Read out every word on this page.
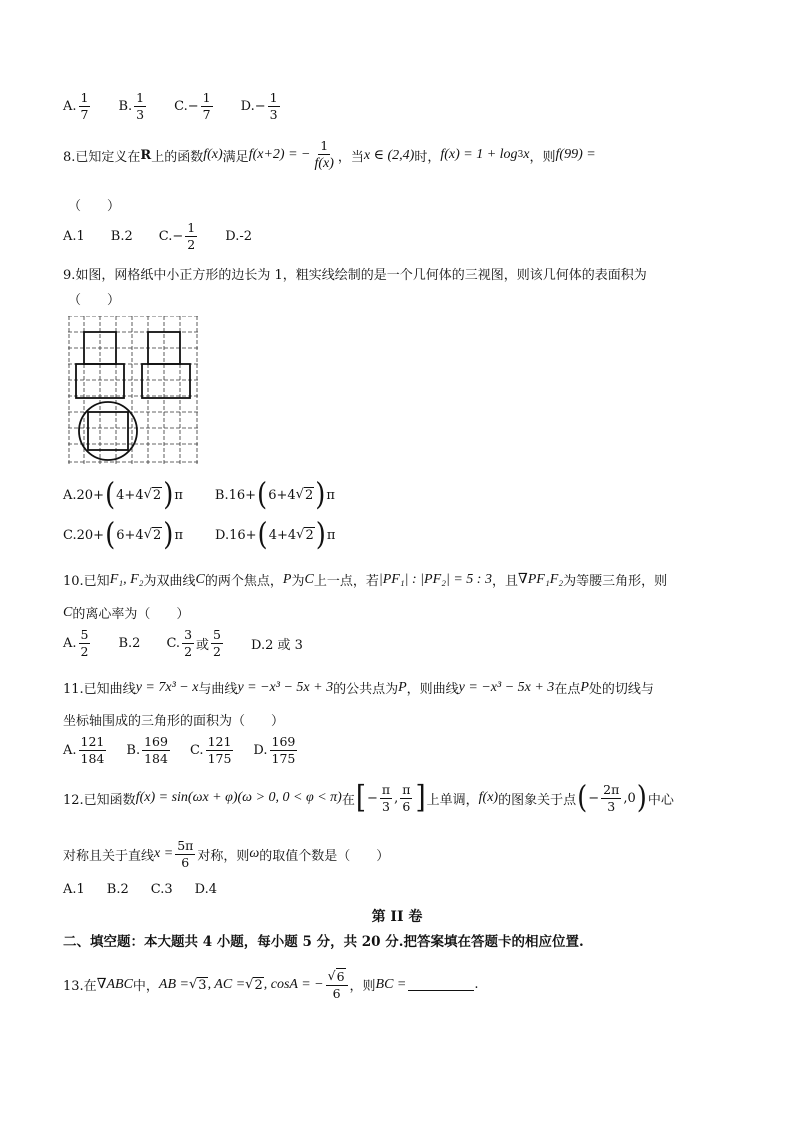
A. $\frac{1}{7} B$. $\frac{1}{3} C$. − $\frac{1}{7} D$. − $\frac{1}{3}$
8.已知定义在 R 上的函数 f(x) 满足 f(x+2) = − $\frac{1}{f(x)}$ ，当 x ∈ (2,4) 时， f(x) = 1 + log 3 x ，则 f(99) =
（　　）
A.1 B.2 C. − $\frac{1}{2} D.-2$
9.如图，网格纸中小正方形的边长为 1，粗实线绘制的是一个几何体的三视图，则该几何体的表面积为
（　　）
A. 20 + ( 4 + 4 √ 2 ) π B. 16 + ( 6 + 4 √ 2 ) π
C. 20 + ( 6 + 4 √ 2 ) π D. 16 + ( 4 + 4 √ 2 ) π
10.已知 F₁, F₂ 为双曲线 C 的两个焦点， P 为 C 上一点，若 |PF₁| : |PF₂| = 5 : 3 ，且 ∇PF₁F₂ 为等腰三角形，则
C 的离心率为（　　）
A. $\frac{5}{2} B.2$ C. $\frac{3}{2}$ 或 $\frac{5}{2} D.2$ 或 3
11.已知曲线 y = 7x³ − x 与曲线 y = −x³ − 5x + 3 的公共点为 P ，则曲线 y = −x³ − 5x + 3 在点 P 处的切线与
坐标轴围成的三角形的面积为（　　）
A. $\frac{121}{184} B$. $\frac{169}{184} C$. $\frac{121}{175} D$. $\frac{169}{175}$
12.已知函数 f(x) = sin(ωx + φ)(ω > 0, 0 < φ < π) 在 [ − $\frac{\pi}{3}$ , $\frac{\pi}{6}$ ] 上单调， f(x) 的图象关于点 ( − $\frac{2\pi}{3}$ , 0 ) 中心
对称且关于直线 $x = \frac{5\pi}{6}$ 对称，则 ω 的取值个数是（　　）
A.1 B.2 C.3 D.4
第 II 卷
二、填空题：本大题共 4 小题，每小题 5 分，共 20 分.把答案填在答题卡的相应位置.
13.在 ∇ABC 中， AB = √ 3 , AC = √ 2 , cosA = − $\frac{√ 6}{6}$ ，则 BC =	.
